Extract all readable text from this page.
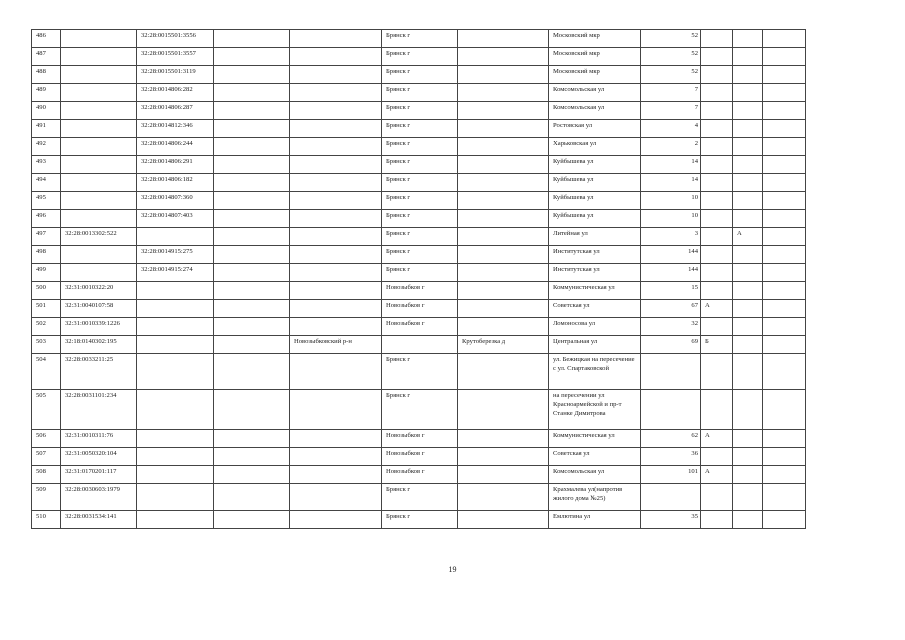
486		32:28:0015501:3556			Брянск г		Московский мкр	52			
487		32:28:0015501:3557			Брянск г		Московский мкр	52			
488		32:28:0015501:3119			Брянск г		Московский мкр	52			
489		32:28:0014806:282			Брянск г		Комсомольская ул	7			
490		32:28:0014806:287			Брянск г		Комсомольская ул	7			
491		32:28:0014812:346			Брянск г		Ростовская ул	4			
492		32:28:0014806:244			Брянск г		Харьковская ул	2			
493		32:28:0014806:291			Брянск г		Куйбышева ул	14			
494		32:28:0014806:182			Брянск г		Куйбышева ул	14			
495		32:28:0014807:360			Брянск г		Куйбышева ул	10			
496		32:28:0014807:403			Брянск г		Куйбышева ул	10			
497	32:28:0013302:522				Брянск г		Литейная ул	3		А	
498		32:28:0014915:275			Брянск г		Институтская ул	144			
499		32:28:0014915:274			Брянск г		Институтская ул	144			
500	32:31:0010322:20				Новозыбков г		Коммунистическая ул	15			
501	32:31:0040107:58				Новозыбков г		Советская ул	67	А		
502	32:31:0010339:1226				Новозыбков г		Ломоносова ул	32			
503	32:18:0140302:195			Новозыбковский р-н		Крутоберезка д	Центральная ул	69	Б		
504	32:28:0033211:25				Брянск г		ул. Бежицкая на пересечение с ул. Спартаковской				
505	32:28:0031101:234				Брянск г		на пересечении ул Красноармейской и пр-т Станке Димитрова				
506	32:31:0010311:76				Новозыбков г		Коммунистическая ул	62	А		
507	32:31:0050320:104				Новозыбков г		Советская ул	36			
508	32:31:0170201:117				Новозыбков г		Комсомольская ул	101	А		
509	32:28:0030603:1979				Брянск г		Крахмалева ул(напротив жилого дома №25)				
510	32:28:0031534:141				Брянск г		Емлютина ул	35			
19
